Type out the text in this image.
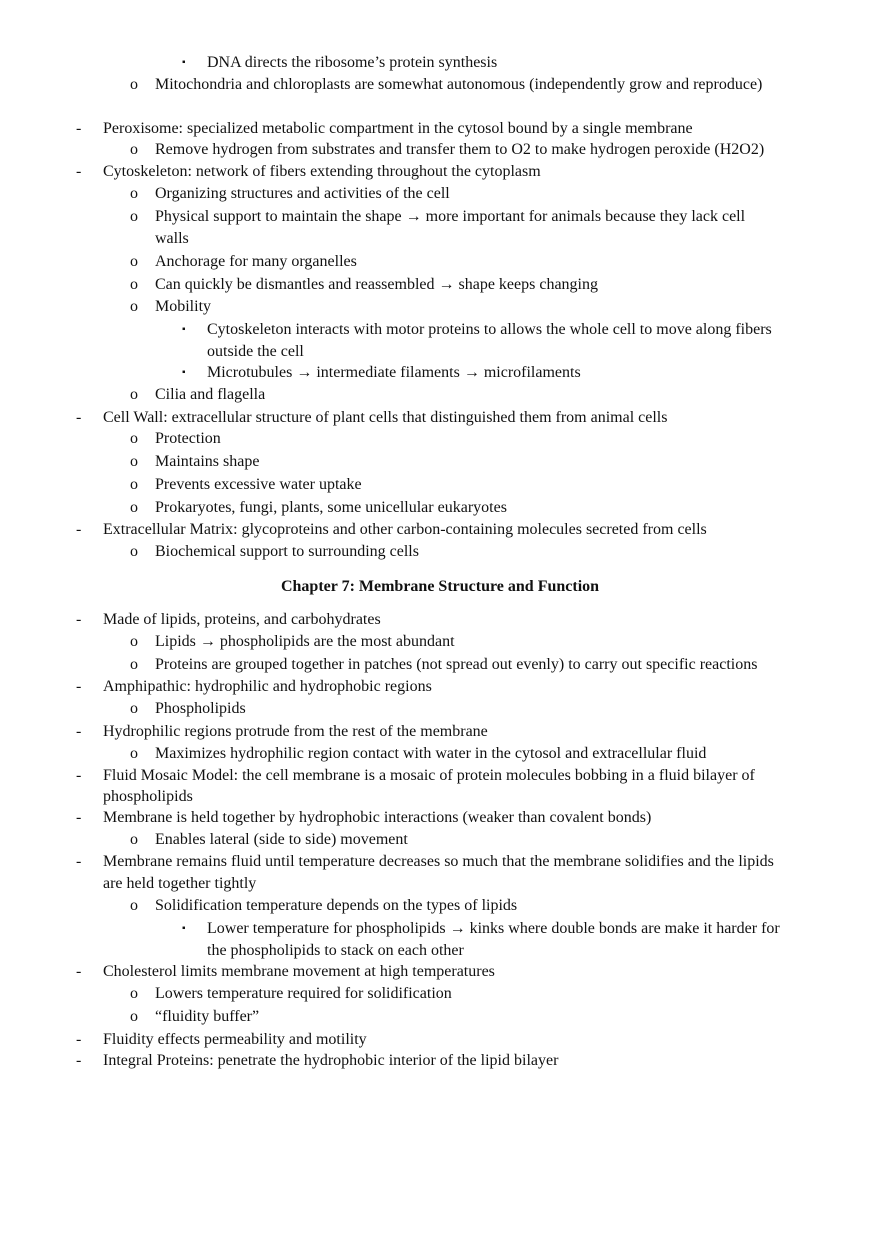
▪ DNA directs the ribosome’s protein synthesis
o Mitochondria and chloroplasts are somewhat autonomous (independently grow and reproduce)
- Peroxisome: specialized metabolic compartment in the cytosol bound by a single membrane
o Remove hydrogen from substrates and transfer them to O2 to make hydrogen peroxide (H2O2)
- Cytoskeleton: network of fibers extending throughout the cytoplasm
o Organizing structures and activities of the cell
o Physical support to maintain the shape → more important for animals because they lack cell
walls
o Anchorage for many organelles
o Can quickly be dismantles and reassembled → shape keeps changing
o Mobility
▪ Cytoskeleton interacts with motor proteins to allows the whole cell to move along fibers
outside the cell
▪ Microtubules → intermediate filaments → microfilaments
o Cilia and flagella
- Cell Wall: extracellular structure of plant cells that distinguished them from animal cells
o Protection
o Maintains shape
o Prevents excessive water uptake
o Prokaryotes, fungi, plants, some unicellular eukaryotes
- Extracellular Matrix: glycoproteins and other carbon-containing molecules secreted from cells
o Biochemical support to surrounding cells
Chapter 7: Membrane Structure and Function
- Made of lipids, proteins, and carbohydrates
o Lipids → phospholipids are the most abundant
o Proteins are grouped together in patches (not spread out evenly) to carry out specific reactions
- Amphipathic: hydrophilic and hydrophobic regions
o Phospholipids
- Hydrophilic regions protrude from the rest of the membrane
o Maximizes hydrophilic region contact with water in the cytosol and extracellular fluid
- Fluid Mosaic Model: the cell membrane is a mosaic of protein molecules bobbing in a fluid bilayer of
phospholipids
- Membrane is held together by hydrophobic interactions (weaker than covalent bonds)
o Enables lateral (side to side) movement
- Membrane remains fluid until temperature decreases so much that the membrane solidifies and the lipids
are held together tightly
o Solidification temperature depends on the types of lipids
▪ Lower temperature for phospholipids → kinks where double bonds are make it harder for
the phospholipids to stack on each other
- Cholesterol limits membrane movement at high temperatures
o Lowers temperature required for solidification
o “fluidity buffer”
- Fluidity effects permeability and motility
- Integral Proteins: penetrate the hydrophobic interior of the lipid bilayer
